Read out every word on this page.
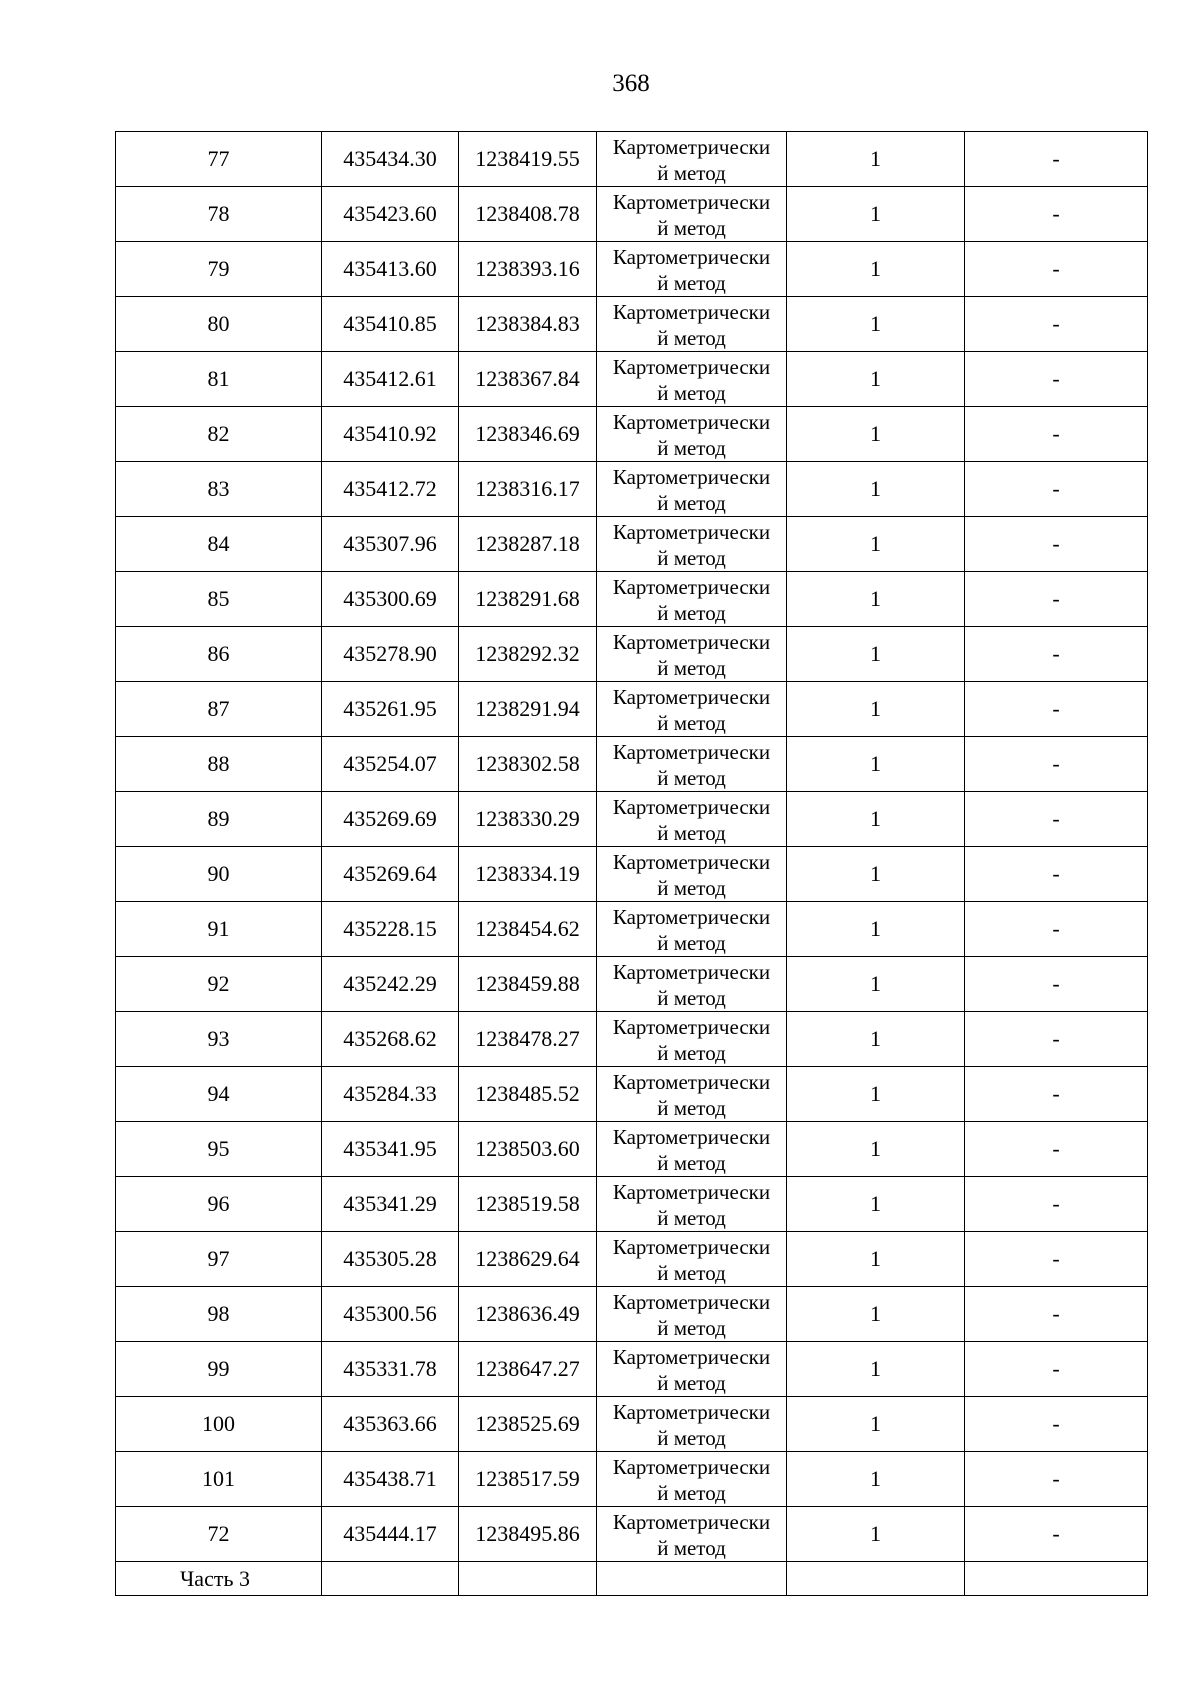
368
77	435434.30	1238419.55	Картометрически
й метод	1	-
78	435423.60	1238408.78	Картометрически
й метод	1	-
79	435413.60	1238393.16	Картометрически
й метод	1	-
80	435410.85	1238384.83	Картометрически
й метод	1	-
81	435412.61	1238367.84	Картометрически
й метод	1	-
82	435410.92	1238346.69	Картометрически
й метод	1	-
83	435412.72	1238316.17	Картометрически
й метод	1	-
84	435307.96	1238287.18	Картометрически
й метод	1	-
85	435300.69	1238291.68	Картометрически
й метод	1	-
86	435278.90	1238292.32	Картометрически
й метод	1	-
87	435261.95	1238291.94	Картометрически
й метод	1	-
88	435254.07	1238302.58	Картометрически
й метод	1	-
89	435269.69	1238330.29	Картометрически
й метод	1	-
90	435269.64	1238334.19	Картометрически
й метод	1	-
91	435228.15	1238454.62	Картометрически
й метод	1	-
92	435242.29	1238459.88	Картометрически
й метод	1	-
93	435268.62	1238478.27	Картометрически
й метод	1	-
94	435284.33	1238485.52	Картометрически
й метод	1	-
95	435341.95	1238503.60	Картометрически
й метод	1	-
96	435341.29	1238519.58	Картометрически
й метод	1	-
97	435305.28	1238629.64	Картометрически
й метод	1	-
98	435300.56	1238636.49	Картометрически
й метод	1	-
99	435331.78	1238647.27	Картометрически
й метод	1	-
100	435363.66	1238525.69	Картометрически
й метод	1	-
101	435438.71	1238517.59	Картометрически
й метод	1	-
72	435444.17	1238495.86	Картометрически
й метод	1	-
Часть 3					
